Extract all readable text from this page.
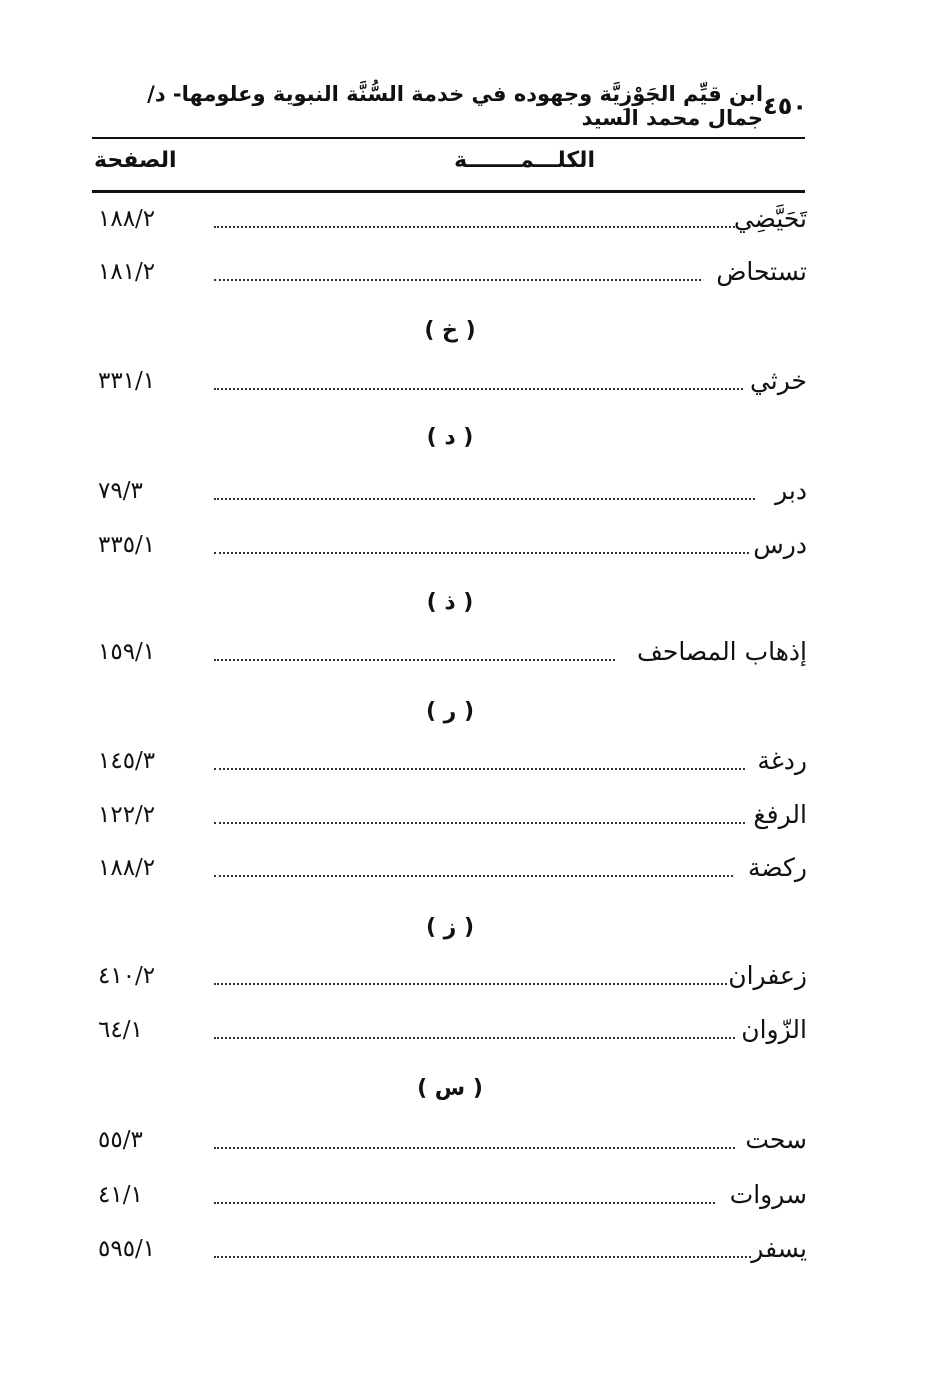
٤٥٠
ابن قيِّم الجَوْزِيَّة وجهوده في خدمة السُّنَّة النبوية وعلومها- د/جمال محمد السيد
الكلـــمـــــــة
الصفحة
تَحَيَّضِي
١٨٨/٢
تستحاض
١٨١/٢
( خ )
خرثي
٣٣١/١
( د )
دبر
٧٩/٣
درس
٣٣٥/١
( ذ )
إذهاب المصاحف
١٥٩/١
( ر )
ردغة
١٤٥/٣
الرفغ
١٢٢/٢
ركضة
١٨٨/٢
( ز )
زعفران
٤١٠/٢
الزّوان
٦٤/١
( س )
سحت
٥٥/٣
سروات
٤١/١
يسفر
٥٩٥/١
